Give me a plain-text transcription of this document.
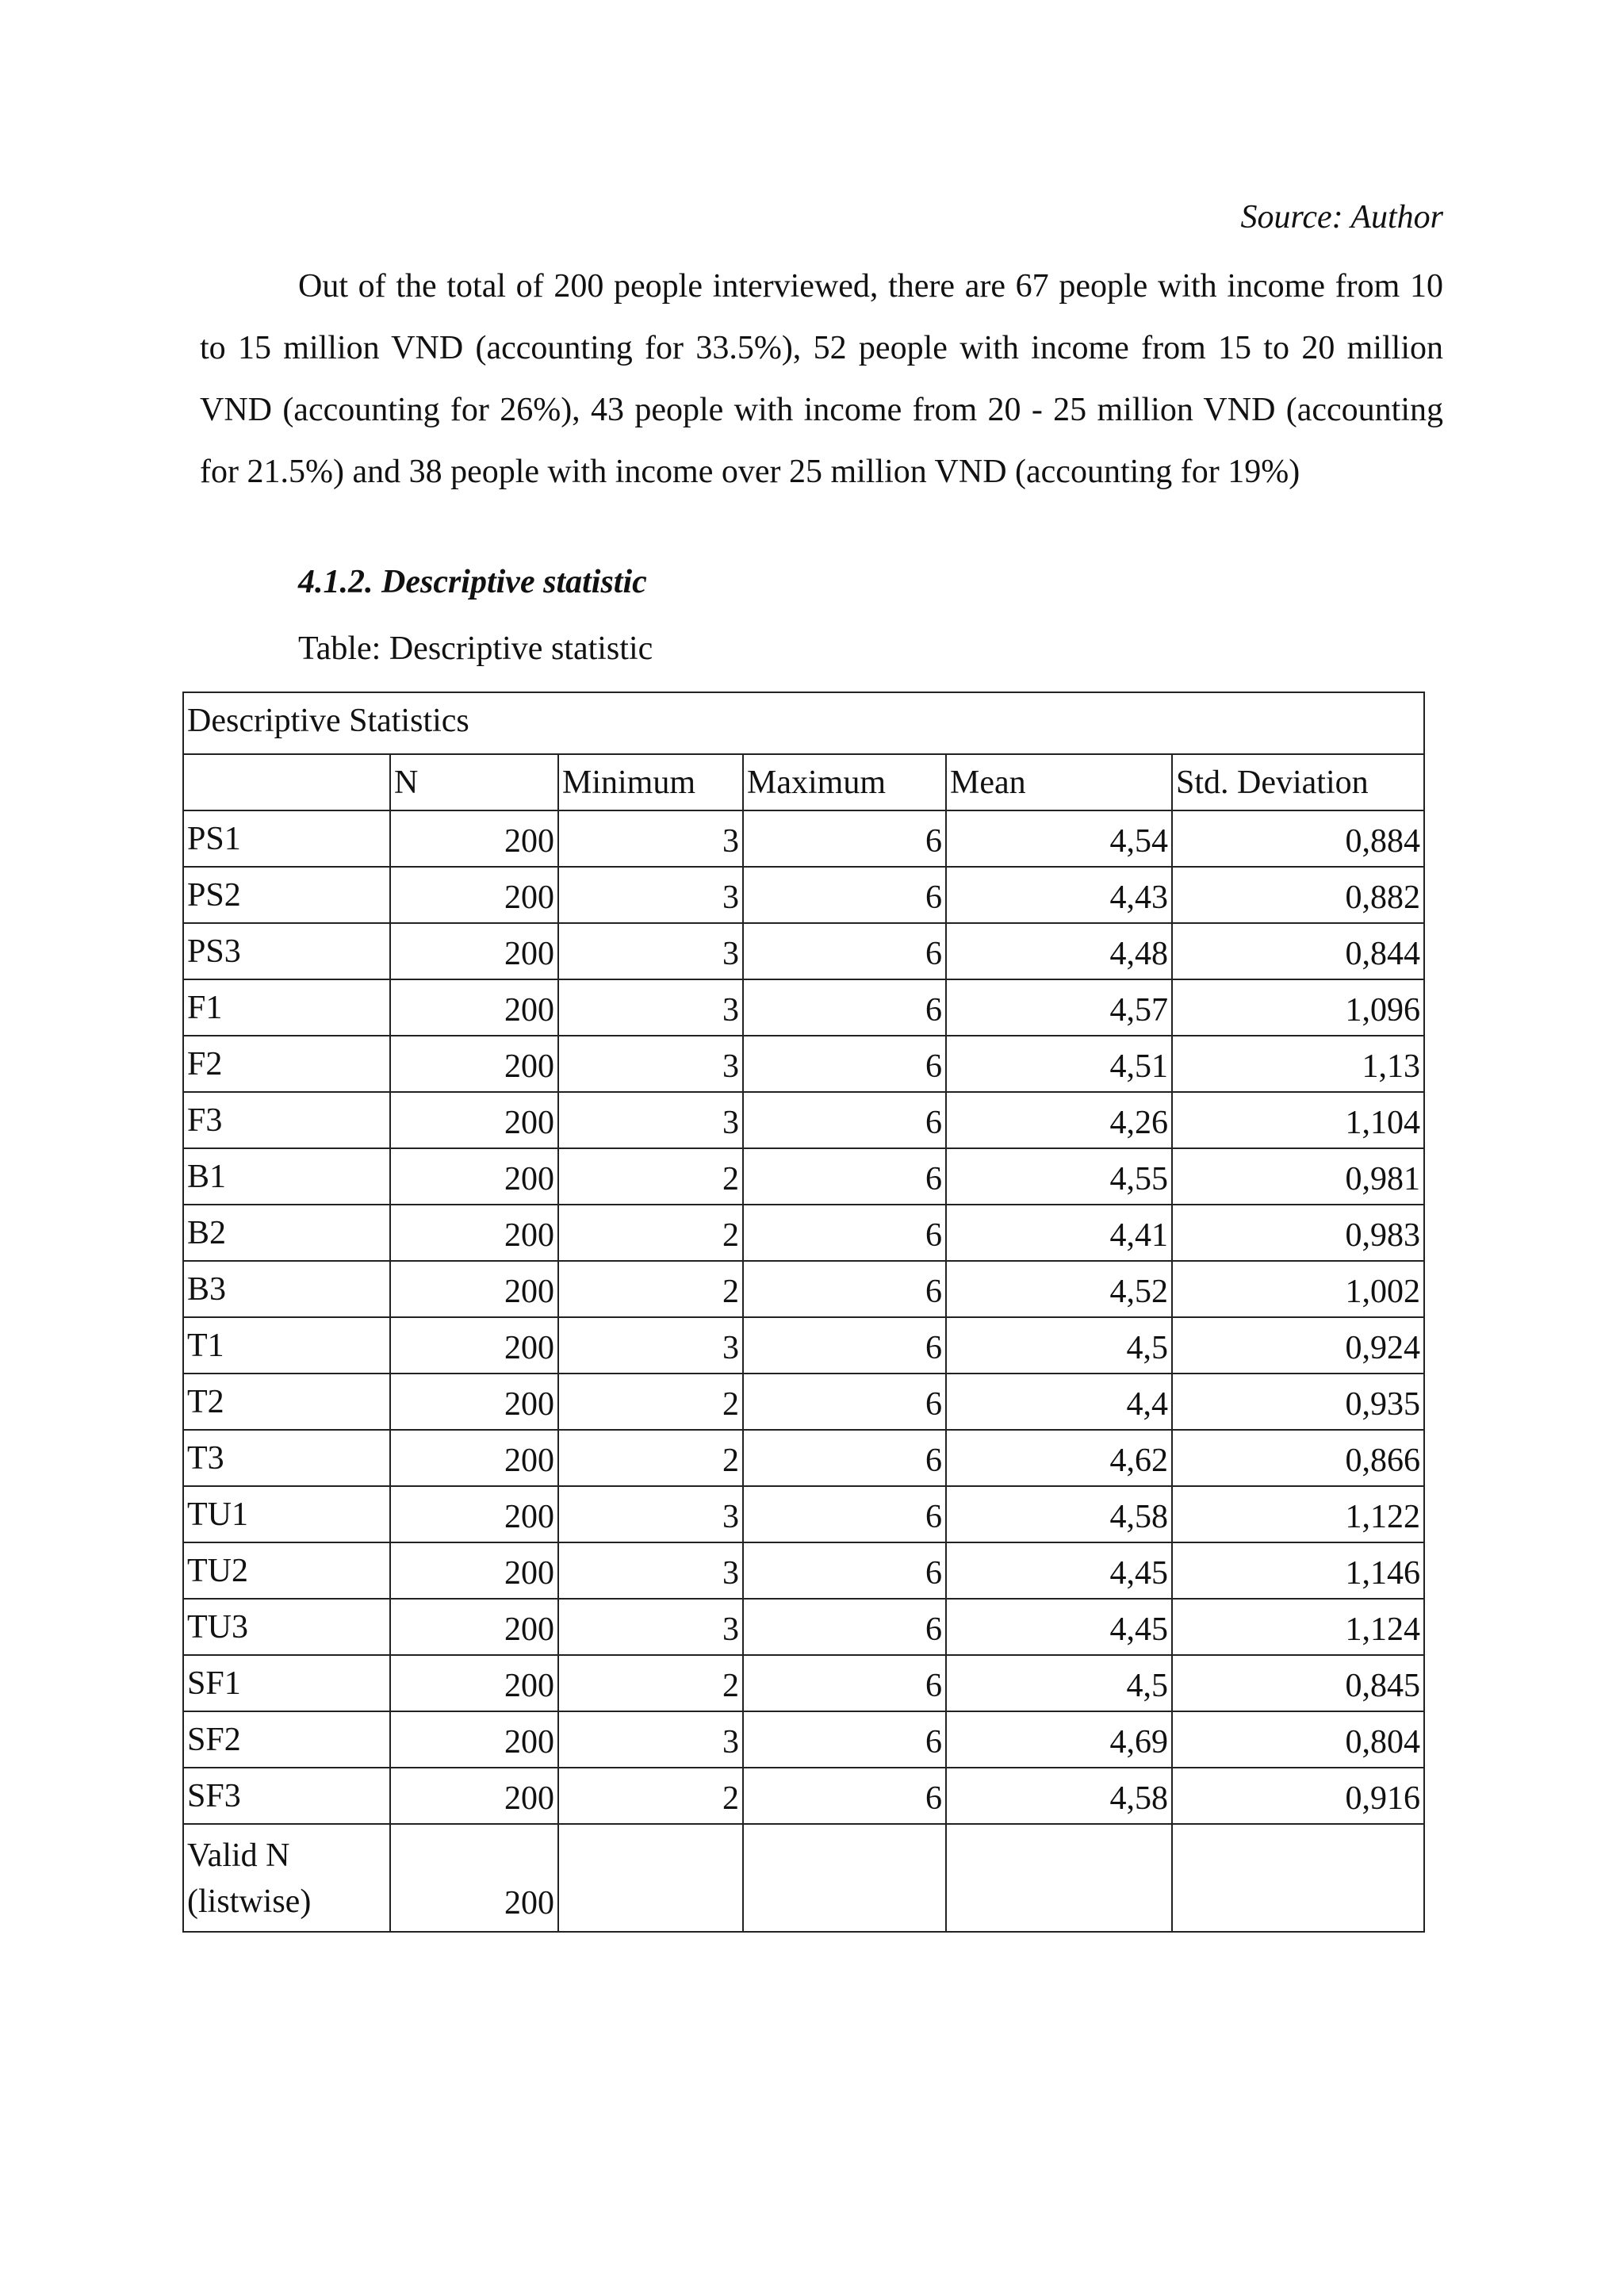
Source: Author

Out of the total of 200 people interviewed, there are 67 people with income from 10 to 15 million VND (accounting for 33.5%), 52 people with income from 15 to 20 million VND (accounting for 26%), 43 people with income from 20 - 25 million VND (accounting for 21.5%) and 38 people with income over 25 million VND (accounting for 19%)

4.1.2. Descriptive statistic
Table: Descriptive statistic
Descriptive Statistics					
	N	Minimum	Maximum	Mean	Std. Deviation
PS1	200	3	6	4,54	0,884
PS2	200	3	6	4,43	0,882
PS3	200	3	6	4,48	0,844
F1	200	3	6	4,57	1,096
F2	200	3	6	4,51	1,13
F3	200	3	6	4,26	1,104
B1	200	2	6	4,55	0,981
B2	200	2	6	4,41	0,983
B3	200	2	6	4,52	1,002
T1	200	3	6	4,5	0,924
T2	200	2	6	4,4	0,935
T3	200	2	6	4,62	0,866
TU1	200	3	6	4,58	1,122
TU2	200	3	6	4,45	1,146
TU3	200	3	6	4,45	1,124
SF1	200	2	6	4,5	0,845
SF2	200	3	6	4,69	0,804
SF3	200	2	6	4,58	0,916
Valid N (listwise)	200				
